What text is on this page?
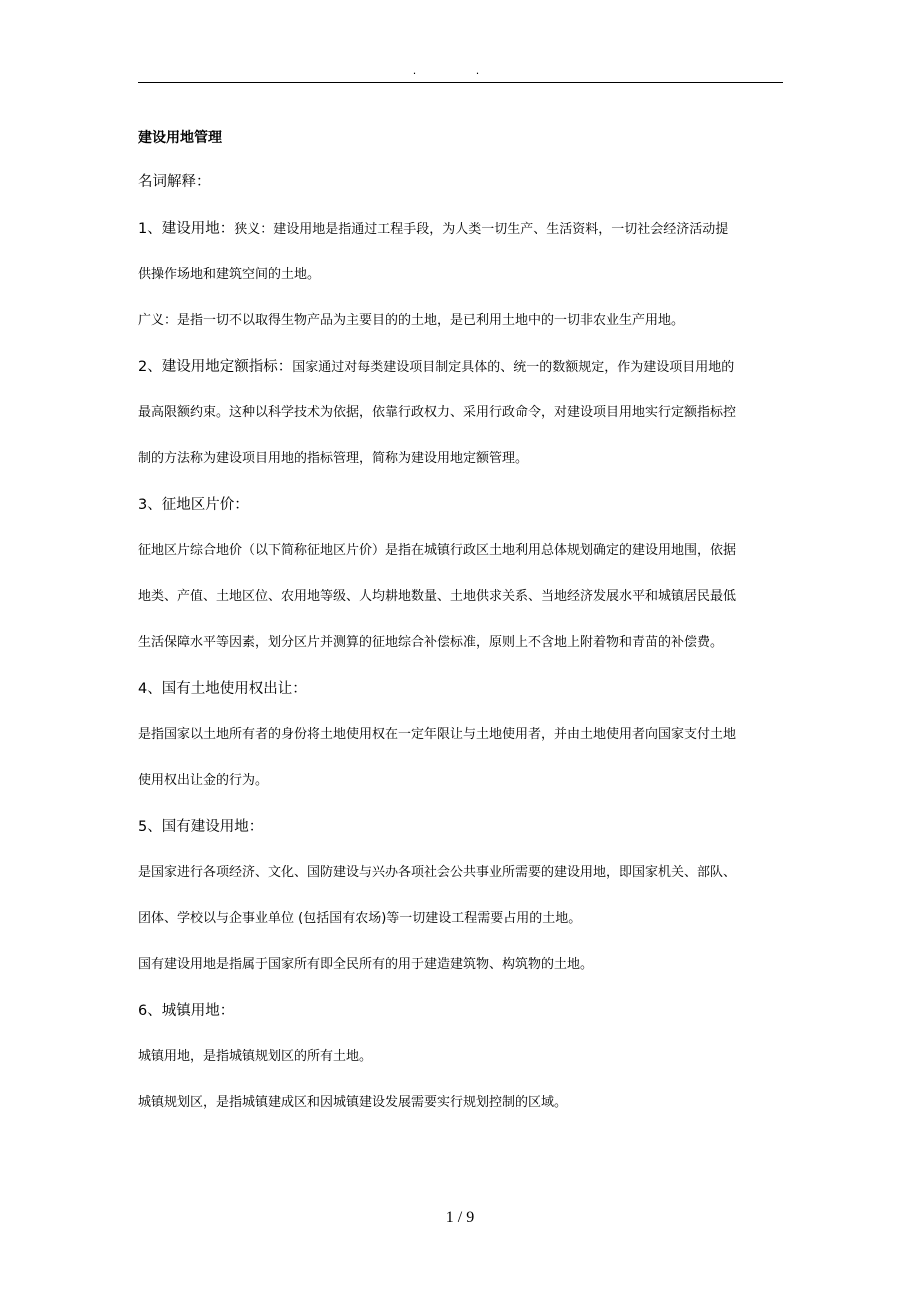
. .
建设用地管理
名词解释：
1、建设用地：狭义：建设用地是指通过工程手段，为人类一切生产、生活资料，一切社会经济活动提
供操作场地和建筑空间的土地。
广义：是指一切不以取得生物产品为主要目的的土地，是已利用土地中的一切非农业生产用地。
2、建设用地定额指标：国家通过对每类建设项目制定具体的、统一的数额规定，作为建设项目用地的
最高限额约束。这种以科学技术为依据，依靠行政权力、采用行政命令，对建设项目用地实行定额指标控
制的方法称为建设项目用地的指标管理，简称为建设用地定额管理。
3、征地区片价：
征地区片综合地价（以下简称征地区片价）是指在城镇行政区土地利用总体规划确定的建设用地围，依据
地类、产值、土地区位、农用地等级、人均耕地数量、土地供求关系、当地经济发展水平和城镇居民最低
生活保障水平等因素，划分区片并测算的征地综合补偿标准，原则上不含地上附着物和青苗的补偿费。
4、国有土地使用权出让：
是指国家以土地所有者的身份将土地使用权在一定年限让与土地使用者，并由土地使用者向国家支付土地
使用权出让金的行为。
5、国有建设用地：
是国家进行各项经济、文化、国防建设与兴办各项社会公共事业所需要的建设用地，即国家机关、部队、
团体、学校以与企事业单位 (包括国有农场)等一切建设工程需要占用的土地。
国有建设用地是指属于国家所有即全民所有的用于建造建筑物、构筑物的土地。
6、城镇用地：
城镇用地，是指城镇规划区的所有土地。
城镇规划区，是指城镇建成区和因城镇建设发展需要实行规划控制的区域。
1 / 9
